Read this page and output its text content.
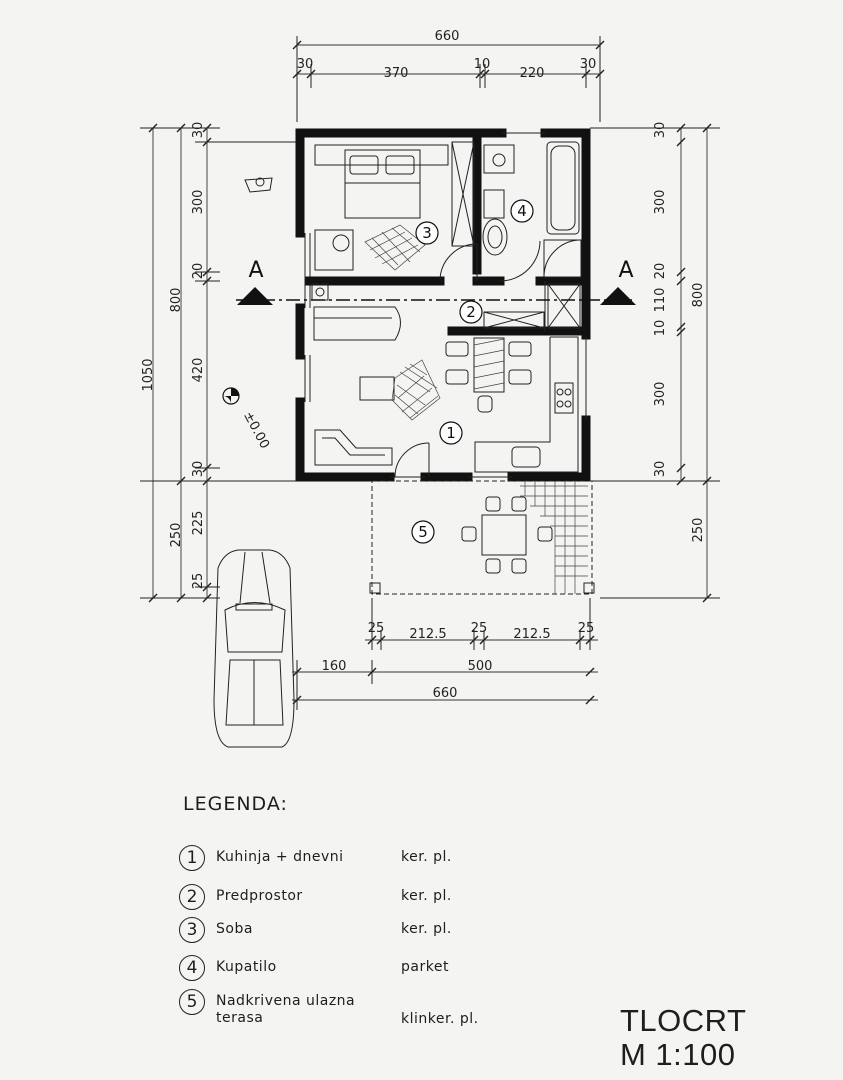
660
30
370
10
220
30
1050
800
250
30
300
20
420
30
225
25
30
300
20
110
10
300
30
800
250
A	A
±0.00
25 212.5 25 212.5 25
160	500
660
1
2
3
4
5
LEGENDA:
1	Kuhinja + dnevni	ker. pl.
2	Predprostor	ker. pl.
3	Soba	ker. pl.
4	Kupatilo	parket
5	Nadkrivena ulazna terasa	klinker. pl.	TLOCRT
M 1:100
